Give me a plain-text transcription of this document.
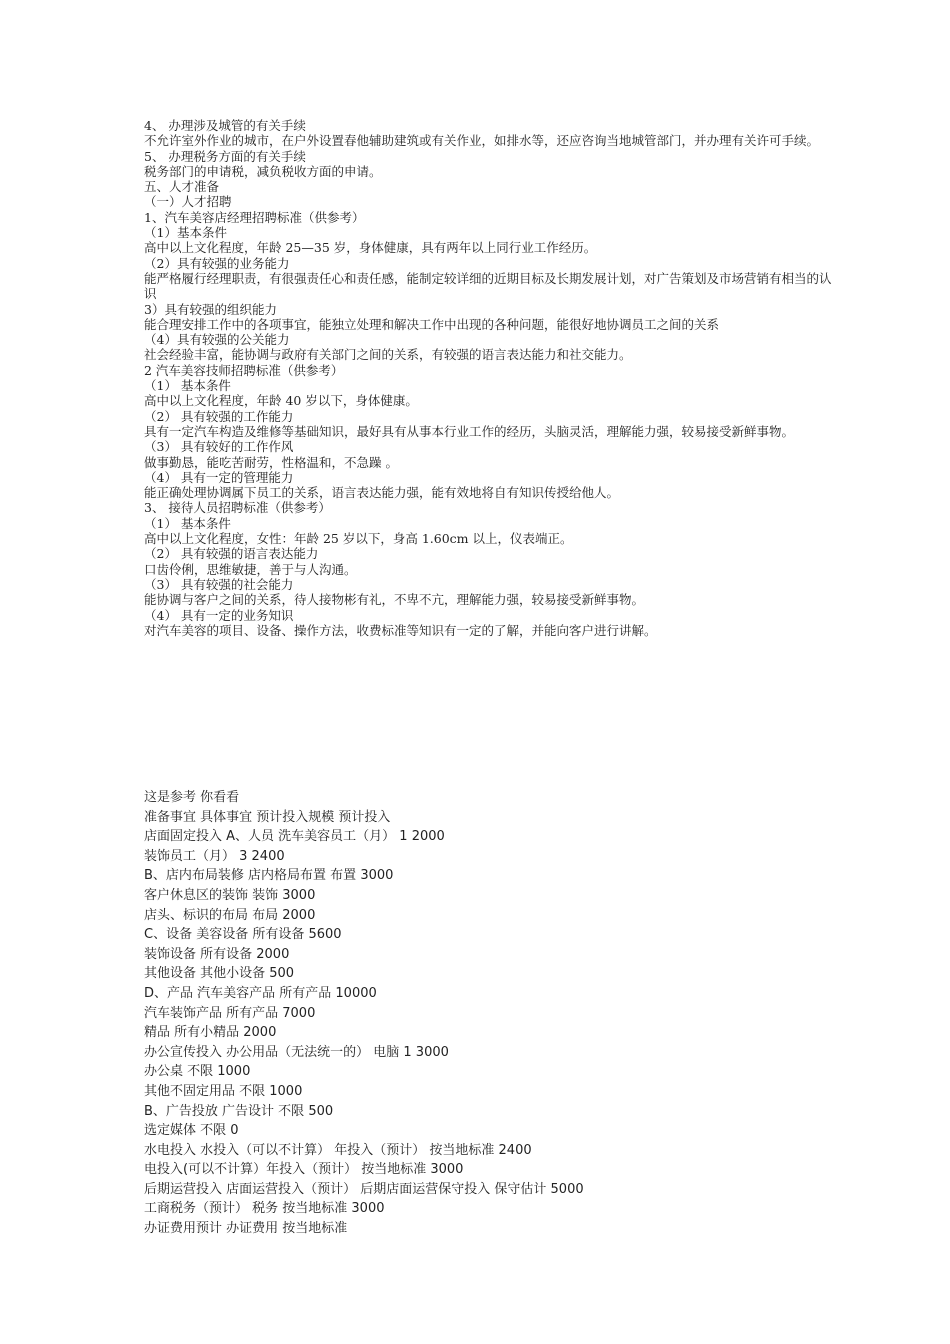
4、 办理涉及城管的有关手续
不允许室外作业的城市，在户外设置春他辅助建筑或有关作业，如排水等，还应咨询当地城管部门，并办理有关许可手续。
5、 办理税务方面的有关手续
税务部门的申请税，减负税收方面的申请。
五、人才准备
（一）人才招聘
1、汽车美容店经理招聘标准（供参考）
（1）基本条件
高中以上文化程度，年龄 25—35 岁，身体健康，具有两年以上同行业工作经历。
（2）具有较强的业务能力
能严格履行经理职责，有很强责任心和责任感，能制定较详细的近期目标及长期发展计划，对广告策划及市场营销有相当的认识
3）具有较强的组织能力
能合理安排工作中的各项事宜，能独立处理和解决工作中出现的各种问题，能很好地协调员工之间的关系
（4）具有较强的公关能力
社会经验丰富，能协调与政府有关部门之间的关系，有较强的语言表达能力和社交能力。
2 汽车美容技师招聘标准（供参考）
（1） 基本条件
高中以上文化程度，年龄 40 岁以下，身体健康。
（2） 具有较强的工作能力
具有一定汽车构造及维修等基础知识，最好具有从事本行业工作的经历，头脑灵活，理解能力强，较易接受新鲜事物。
（3） 具有较好的工作作风
做事勤恳，能吃苦耐劳，性格温和，不急躁 。
（4） 具有一定的管理能力
能正确处理协调属下员工的关系，语言表达能力强，能有效地将自有知识传授给他人。
3、 接待人员招聘标准（供参考）
（1） 基本条件
高中以上文化程度，女性：年龄 25 岁以下，身高 1.60cm 以上，仪表端正。
（2） 具有较强的语言表达能力
口齿伶俐，思维敏捷，善于与人沟通。
（3） 具有较强的社会能力
能协调与客户之间的关系，待人接物彬有礼，不卑不亢，理解能力强，较易接受新鲜事物。
（4） 具有一定的业务知识
对汽车美容的项目、设备、操作方法，收费标准等知识有一定的了解，并能向客户进行讲解。
这是参考 你看看
准备事宜 具体事宜 预计投入规模 预计投入
店面固定投入 A、人员 洗车美容员工（月） 1 2000
装饰员工（月） 3 2400
B、店内布局装修 店内格局布置 布置 3000
客户休息区的装饰 装饰 3000
店头、标识的布局 布局 2000
C、设备 美容设备 所有设备 5600
装饰设备 所有设备 2000
其他设备 其他小设备 500
D、产品 汽车美容产品 所有产品 10000
汽车装饰产品 所有产品 7000
精品 所有小精品 2000
办公宣传投入 办公用品（无法统一的） 电脑 1 3000
办公桌 不限 1000
其他不固定用品 不限 1000
B、广告投放 广告设计 不限 500
选定媒体 不限 0
水电投入 水投入（可以不计算） 年投入（预计） 按当地标准 2400
电投入(可以不计算）年投入（预计） 按当地标准 3000
后期运营投入 店面运营投入（预计） 后期店面运营保守投入 保守估计 5000
工商税务（预计） 税务 按当地标准 3000
办证费用预计 办证费用 按当地标准
